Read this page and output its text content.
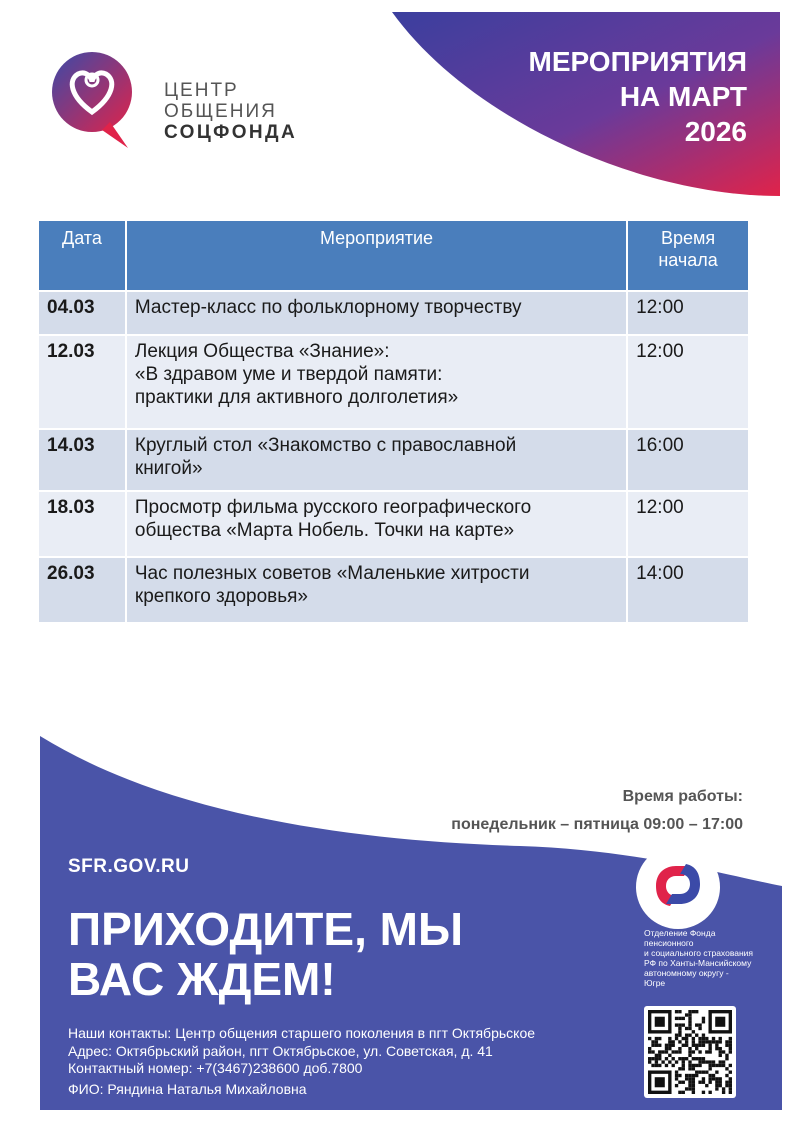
ЦЕНТР
ОБЩЕНИЯ
СОЦФОНДА
МЕРОПРИЯТИЯ
НА МАРТ
2026
Дата	Мероприятие	Время начала
04.03	Мастер-класс по фольклорному творчеству	12:00
12.03	Лекция Общества «Знание»:
«В здравом уме и твердой памяти:
практики для активного долголетия»	12:00
14.03	Круглый стол «Знакомство с православной
книгой»	16:00
18.03	Просмотр фильма русского географического
общества «Марта Нобель. Точки на карте»	12:00
26.03	Час полезных советов «Маленькие хитрости
крепкого здоровья»	14:00
Время работы:
понедельник – пятница 09:00 – 17:00
SFR.GOV.RU
ПРИХОДИТЕ, МЫ
ВАС ЖДЕМ!
Наши контакты: Центр общения старшего поколения в пгт Октябрьское
Адрес: Октябрьский район, пгт Октябрьское, ул. Советская, д. 41
Контактный номер: +7(3467)238600 доб.7800
ФИО: Ряндина Наталья Михайловна
Отделение Фонда
пенсионного
и социального страхования
РФ по Ханты-Мансийскому
автономному округу -
Югре
